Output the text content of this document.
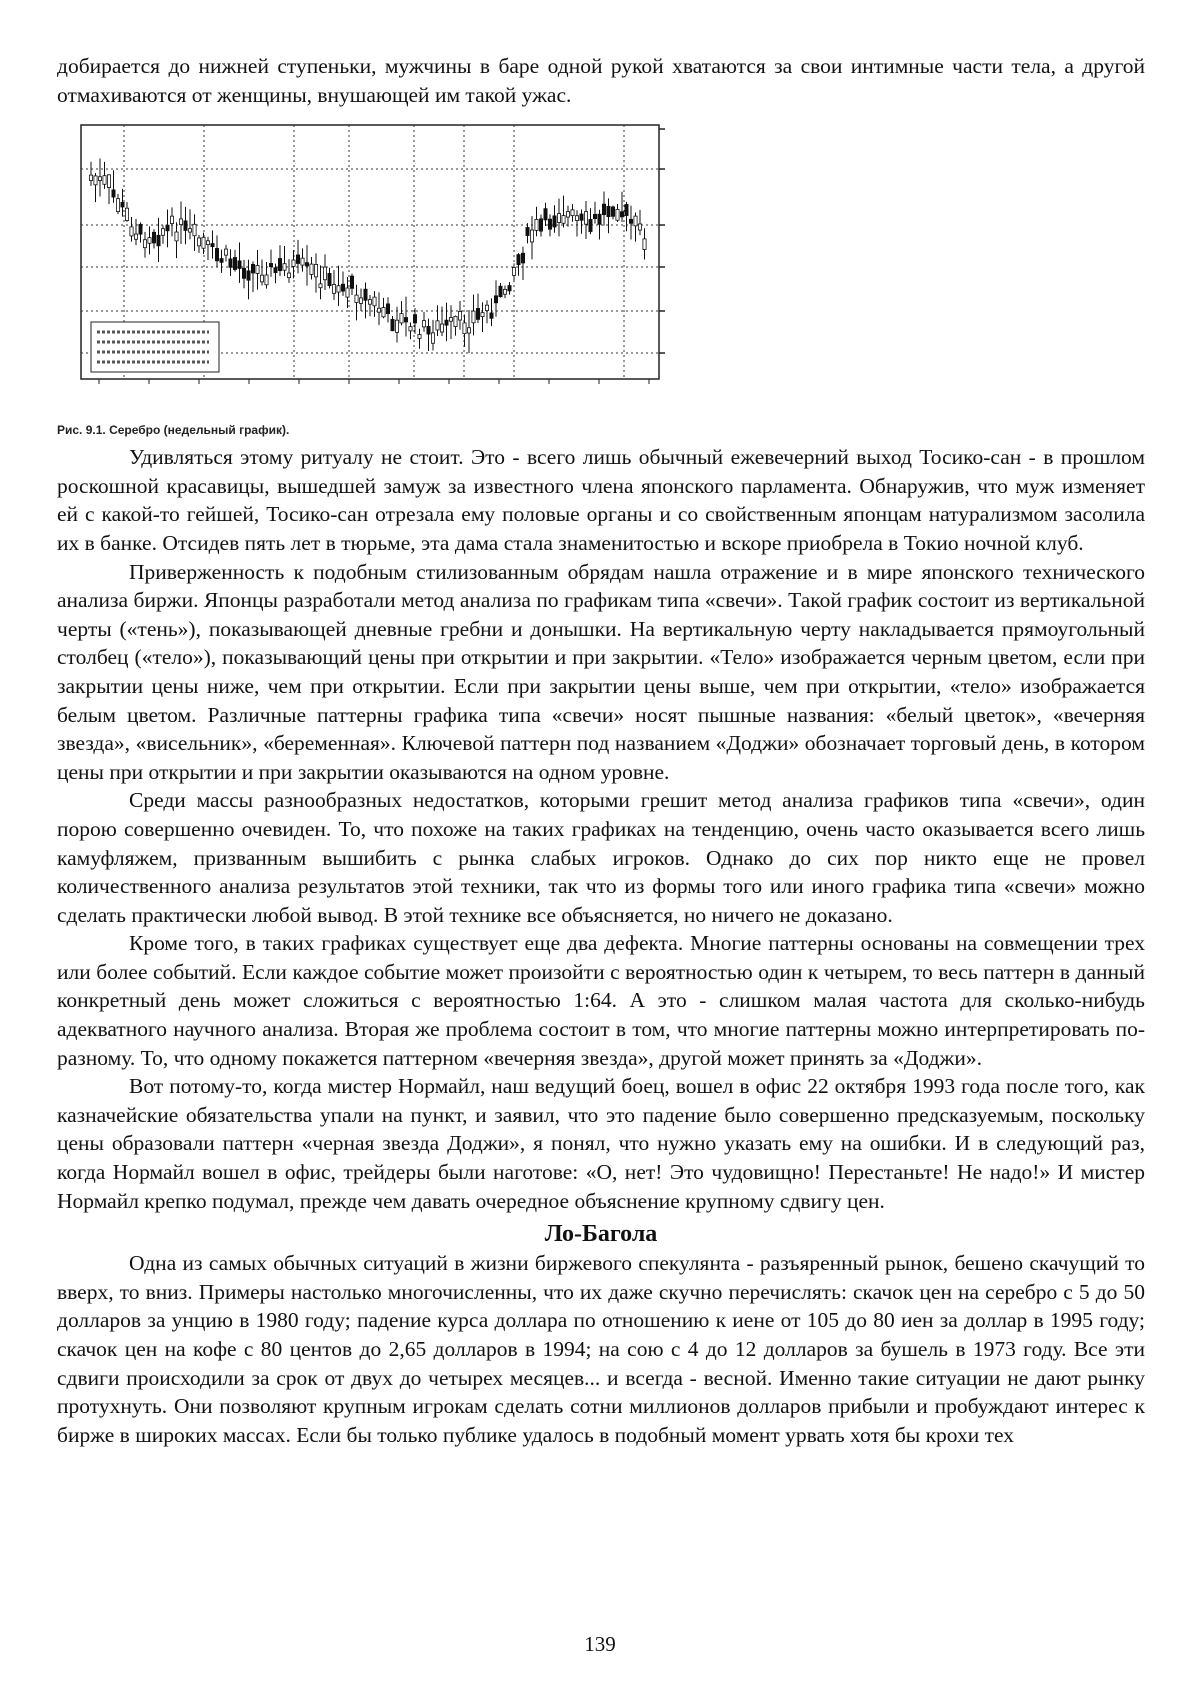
добирается до нижней ступеньки, мужчины в баре одной рукой хватаются за свои интимные части тела, а другой отмахиваются от женщины, внушающей им такой ужас.

Рис. 9.1. Серебро (недельный график).

Удивляться этому ритуалу не стоит. Это - всего лишь обычный ежевечерний выход Тосико-сан - в прошлом роскошной красавицы, вышедшей замуж за известного члена японского парламента. Обнаружив, что муж изменяет ей с какой-то гейшей, Тосико-сан отрезала ему половые органы и со свойственным японцам натурализмом засолила их в банке. Отсидев пять лет в тюрьме, эта дама стала знаменитостью и вскоре приобрела в Токио ночной клуб.

Приверженность к подобным стилизованным обрядам нашла отражение и в мире японского технического анализа биржи. Японцы разработали метод анализа по графикам типа «свечи». Такой график состоит из вертикальной черты («тень»), показывающей дневные гребни и донышки. На вертикальную черту накладывается прямоугольный столбец («тело»), показывающий цены при открытии и при закрытии. «Тело» изображается черным цветом, если при закрытии цены ниже, чем при открытии. Если при закрытии цены выше, чем при открытии, «тело» изображается белым цветом. Различные паттерны графика типа «свечи» носят пышные названия: «белый цветок», «вечерняя звезда», «висельник», «беременная». Ключевой паттерн под названием «Доджи» обозначает торговый день, в котором цены при открытии и при закрытии оказываются на одном уровне.

Среди массы разнообразных недостатков, которыми грешит метод анализа графиков типа «свечи», один порою совершенно очевиден. То, что похоже на таких графиках на тенденцию, очень часто оказывается всего лишь камуфляжем, призванным вышибить с рынка слабых игроков. Однако до сих пор никто еще не провел количественного анализа результатов этой техники, так что из формы того или иного графика типа «свечи» можно сделать практически любой вывод. В этой технике все объясняется, но ничего не доказано.

Кроме того, в таких графиках существует еще два дефекта. Многие паттерны основаны на совмещении трех или более событий. Если каждое событие может произойти с вероятностью один к четырем, то весь паттерн в данный конкретный день может сложиться с вероятностью 1:64. А это - слишком малая частота для сколько-нибудь адекватного научного анализа. Вторая же проблема состоит в том, что многие паттерны можно интерпретировать по-разному. То, что одному покажется паттерном «вечерняя звезда», другой может принять за «Доджи».

Вот потому-то, когда мистер Нормайл, наш ведущий боец, вошел в офис 22 октября 1993 года после того, как казначейские обязательства упали на пункт, и заявил, что это падение было совершенно предсказуемым, поскольку цены образовали паттерн «черная звезда Доджи», я понял, что нужно указать ему на ошибки. И в следующий раз, когда Нормайл вошел в офис, трейдеры были наготове: «О, нет! Это чудовищно! Перестаньте! Не надо!» И мистер Нормайл крепко подумал, прежде чем давать очередное объяснение крупному сдвигу цен.

Ло-Багола

Одна из самых обычных ситуаций в жизни биржевого спекулянта - разъяренный рынок, бешено скачущий то вверх, то вниз. Примеры настолько многочисленны, что их даже скучно перечислять: скачок цен на серебро с 5 до 50 долларов за унцию в 1980 году; падение курса доллара по отношению к иене от 105 до 80 иен за доллар в 1995 году; скачок цен на кофе с 80 центов до 2,65 долларов в 1994; на сою с 4 до 12 долларов за бушель в 1973 году. Все эти сдвиги происходили за срок от двух до четырех месяцев... и всегда - весной. Именно такие ситуации не дают рынку протухнуть. Они позволяют крупным игрокам сделать сотни миллионов долларов прибыли и пробуждают интерес к бирже в широких массах. Если бы только публике удалось в подобный момент урвать хотя бы крохи тех

139
